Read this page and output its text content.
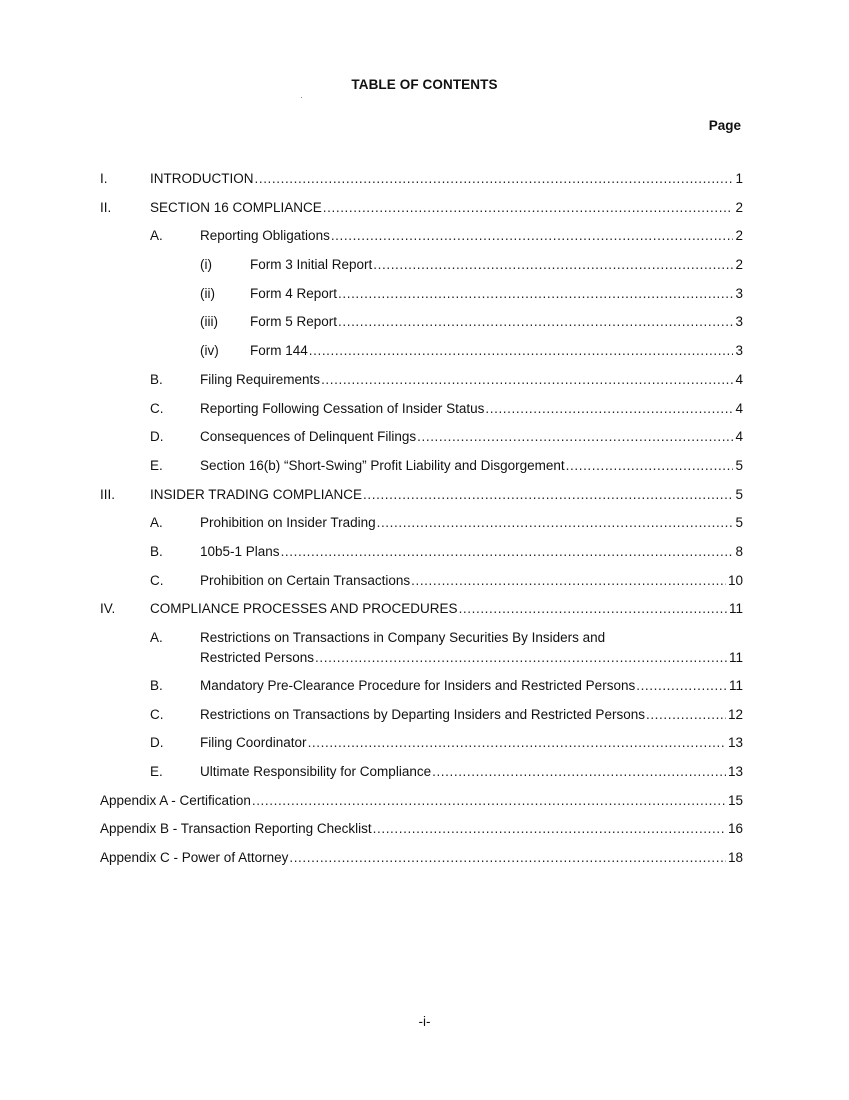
TABLE OF CONTENTS
Page
I.	INTRODUCTION .....	1
II.	SECTION 16 COMPLIANCE .....	2
A.	Reporting Obligations .....	2
(i)	Form 3 Initial Report .....	2
(ii)	Form 4 Report .....	3
(iii) Form 5 Report .....	3
(iv) Form 144 .....	3
B.	Filing Requirements .....	4
C.	Reporting Following Cessation of Insider Status .....	4
D.	Consequences of Delinquent Filings .....	4
E.	Section 16(b) “Short-Swing” Profit Liability and Disgorgement .....	5
III.	INSIDER TRADING COMPLIANCE .....	5
A.	Prohibition on Insider Trading .....	5
B.	10b5-1 Plans .....	8
C.	Prohibition on Certain Transactions .....	10
IV.	COMPLIANCE PROCESSES AND PROCEDURES .....	11
A.	Restrictions on Transactions in Company Securities By Insiders and
Restricted Persons .....	11
B.	Mandatory Pre-Clearance Procedure for Insiders and Restricted Persons .....	11
C.	Restrictions on Transactions by Departing Insiders and Restricted Persons .....	12
D.	Filing Coordinator .....	13
E.	Ultimate Responsibility for Compliance .....	13
Appendix A - Certification .....	15
Appendix B - Transaction Reporting Checklist .....	16
Appendix C - Power of Attorney .....	18
-i-
